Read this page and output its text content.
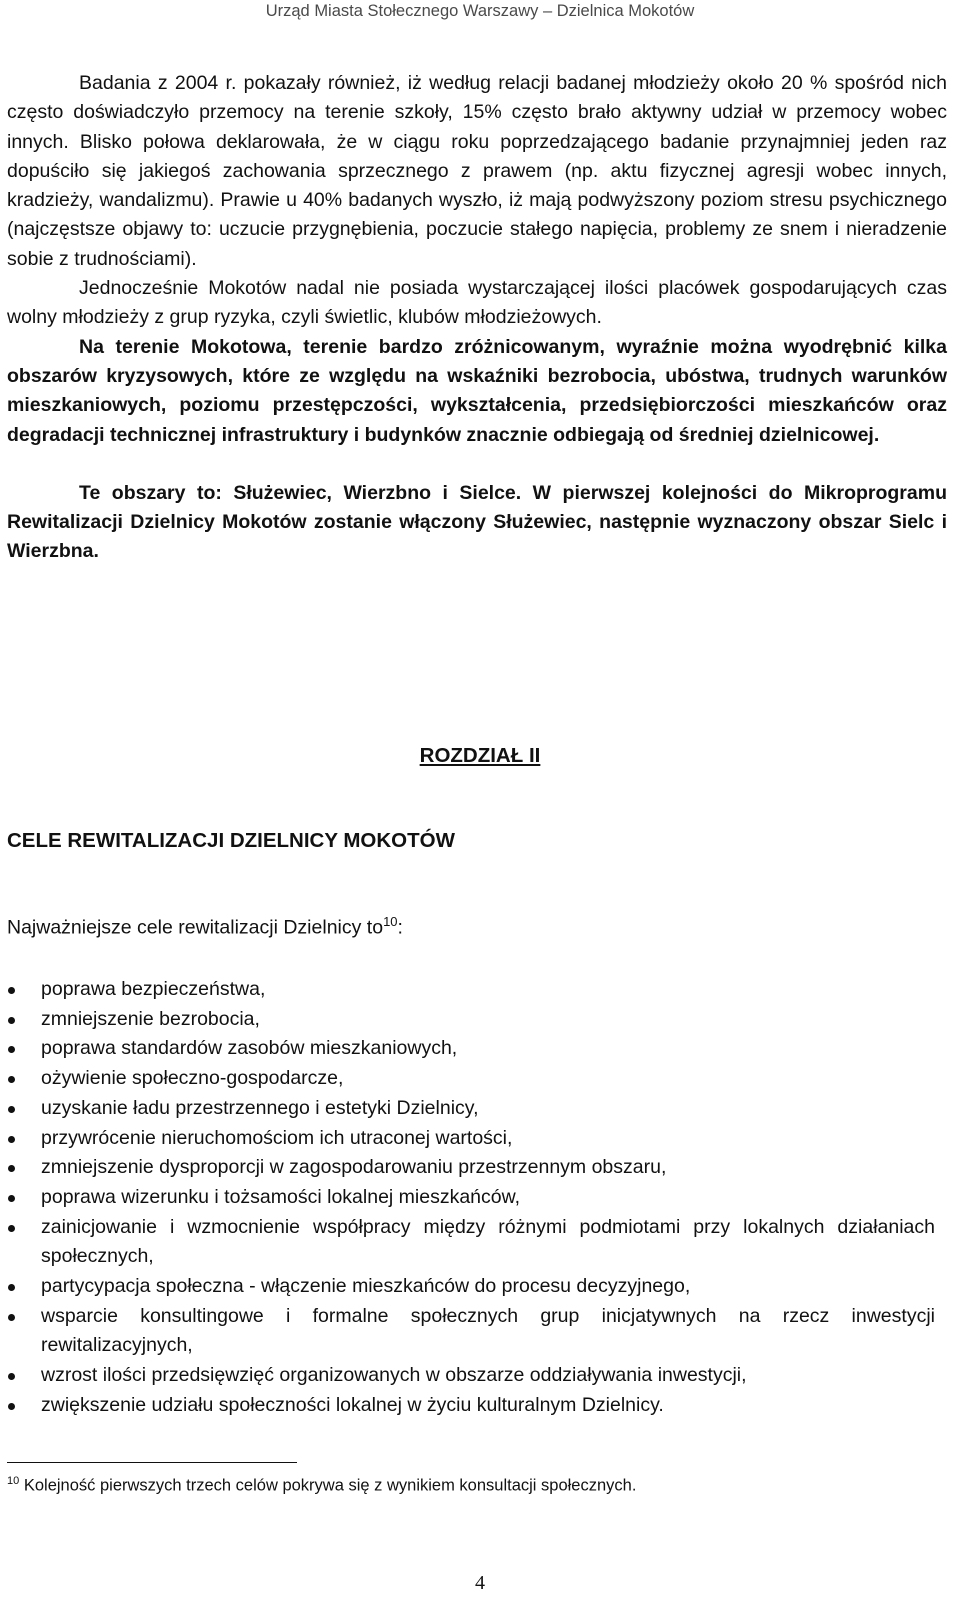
Urząd Miasta Stołecznego Warszawy – Dzielnica Mokotów

Badania z 2004 r. pokazały również, iż według relacji badanej młodzieży około 20 % spośród nich często doświadczyło przemocy na terenie szkoły, 15% często brało aktywny udział w przemocy wobec innych. Blisko połowa deklarowała, że w ciągu roku poprzedzającego badanie przynajmniej jeden raz dopuściło się jakiegoś zachowania sprzecznego z prawem (np. aktu fizycznej agresji wobec innych, kradzieży, wandalizmu). Prawie u 40% badanych wyszło, iż mają podwyższony poziom stresu psychicznego (najczęstsze objawy to: uczucie przygnębienia, poczucie stałego napięcia, problemy ze snem i nieradzenie sobie z trudnościami).

Jednocześnie Mokotów nadal nie posiada wystarczającej ilości placówek gospodarujących czas wolny młodzieży z grup ryzyka, czyli świetlic, klubów młodzieżowych.

Na terenie Mokotowa, terenie bardzo zróżnicowanym, wyraźnie można wyodrębnić kilka obszarów kryzysowych, które ze względu na wskaźniki bezrobocia, ubóstwa, trudnych warunków mieszkaniowych, poziomu przestępczości, wykształcenia, przedsiębiorczości mieszkańców oraz degradacji technicznej infrastruktury i budynków znacznie odbiegają od średniej dzielnicowej.

Te obszary to: Służewiec, Wierzbno i Sielce. W pierwszej kolejności do Mikroprogramu Rewitalizacji Dzielnicy Mokotów zostanie włączony Służewiec, następnie wyznaczony obszar Sielc i Wierzbna.

ROZDZIAŁ II
CELE REWITALIZACJI DZIELNICY MOKOTÓW
Najważniejsze cele rewitalizacji Dzielnicy $to^{10}$:
poprawa bezpieczeństwa,
zmniejszenie bezrobocia,
poprawa standardów zasobów mieszkaniowych,
ożywienie społeczno-gospodarcze,
uzyskanie ładu przestrzennego i estetyki Dzielnicy,
przywrócenie nieruchomościom ich utraconej wartości,
zmniejszenie dysproporcji w zagospodarowaniu przestrzennym obszaru,
poprawa wizerunku i tożsamości lokalnej mieszkańców,
zainicjowanie i wzmocnienie współpracy między różnymi podmiotami przy lokalnych działaniach społecznych,
partycypacja społeczna - włączenie mieszkańców do procesu decyzyjnego,
wsparcie konsultingowe i formalne społecznych grup inicjatywnych na rzecz inwestycji rewitalizacyjnych,
wzrost ilości przedsięwzięć organizowanych w obszarze oddziaływania inwestycji,
zwiększenie udziału społeczności lokalnej w życiu kulturalnym Dzielnicy.
$^{10}$ Kolejność pierwszych trzech celów pokrywa się z wynikiem konsultacji społecznych.
4
